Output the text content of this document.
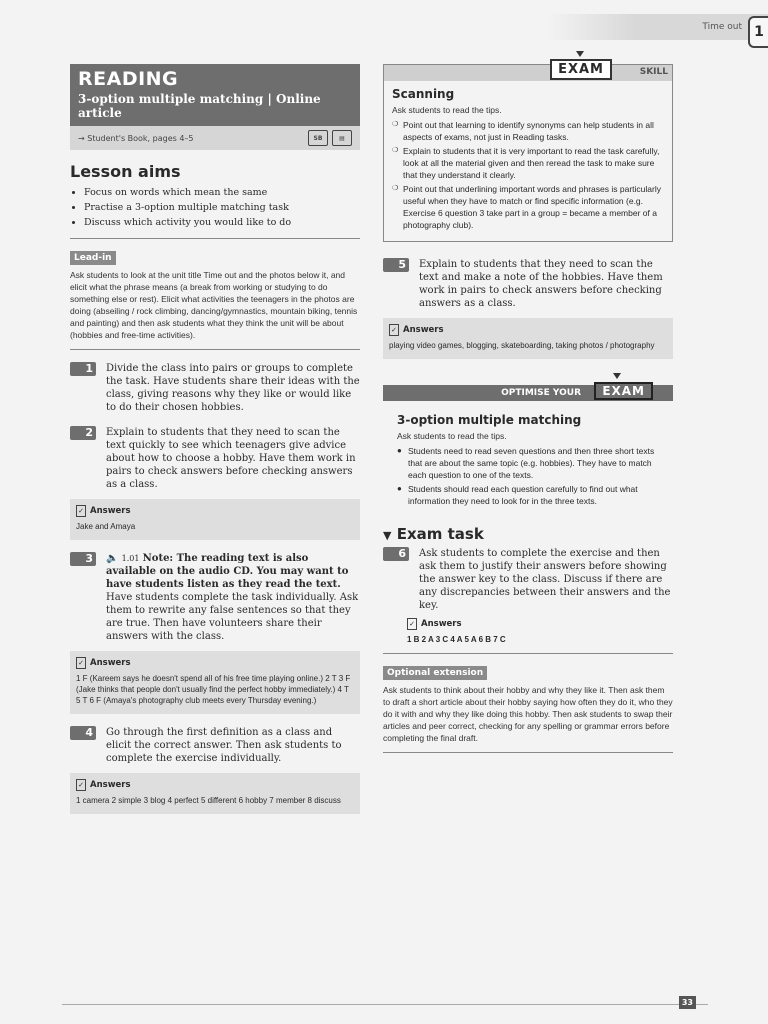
Time out 1
READING
3-option multiple matching | Online article
→ Student's Book, pages 4–5	SB	▤
Lesson aims
• Focus on words which mean the same
• Practise a 3-option multiple matching task
• Discuss which activity you would like to do
Lead-in
Ask students to look at the unit title Time out and the photos below it, and elicit what the phrase means (a break from working or studying to do something else or rest). Elicit what activities the teenagers in the photos are doing (abseiling / rock climbing, dancing/gymnastics, mountain biking, tennis and painting) and then ask students what they think the unit will be about (hobbies and free-time activities).
1	Divide the class into pairs or groups to complete the task. Have students share their ideas with the class, giving reasons why they like or would like to do their chosen hobbies.
2	Explain to students that they need to scan the text quickly to see which teenagers give advice about how to choose a hobby. Have them work in pairs to check answers before checking answers as a class.
✓ Answers
Jake and Amaya
3	🔈 1.01 Note: The reading text is also available on the audio CD. You may want to have students listen as they read the text. Have students complete the task individually. Ask them to rewrite any false sentences so that they are true. Then have volunteers share their answers with the class.
✓ Answers
1 F (Kareem says he doesn't spend all of his free time playing online.) 2 T 3 F (Jake thinks that people don't usually find the perfect hobby immediately.) 4 T 5 T 6 F (Amaya's photography club meets every Thursday evening.)
4	Go through the first definition as a class and elicit the correct answer. Then ask students to complete the exercise individually.
✓ Answers
1 camera 2 simple 3 blog 4 perfect 5 different 6 hobby 7 member 8 discuss
EXAM	SKILL
Scanning
Ask students to read the tips.
❍ Point out that learning to identify synonyms can help students in all aspects of exams, not just in Reading tasks.
❍ Explain to students that it is very important to read the task carefully, look at all the material given and then reread the task to make sure that they understand it clearly.
❍ Point out that underlining important words and phrases is particularly useful when they have to match or find specific information (e.g. Exercise 6 question 3 take part in a group = became a member of a photography club).
5	Explain to students that they need to scan the text and make a note of the hobbies. Have them work in pairs to check answers before checking answers as a class.
✓ Answers
playing video games, blogging, skateboarding, taking photos / photography
OPTIMISE YOUR	EXAM
3-option multiple matching
Ask students to read the tips.
● Students need to read seven questions and then three short texts that are about the same topic (e.g. hobbies). They have to match each question to one of the texts.
● Students should read each question carefully to find out what information they need to look for in the three texts.
▼ Exam task
6	Ask students to complete the exercise and then ask them to justify their answers before showing the answer key to the class. Discuss if there are any discrepancies between their answers and the key.
✓ Answers
1 B 2 A 3 C 4 A 5 A 6 B 7 C
Optional extension
Ask students to think about their hobby and why they like it. Then ask them to draft a short article about their hobby saying how often they do it, who they do it with and why they like doing this hobby. Then ask students to swap their articles and peer correct, checking for any spelling or grammar errors before completing the final draft.
33
